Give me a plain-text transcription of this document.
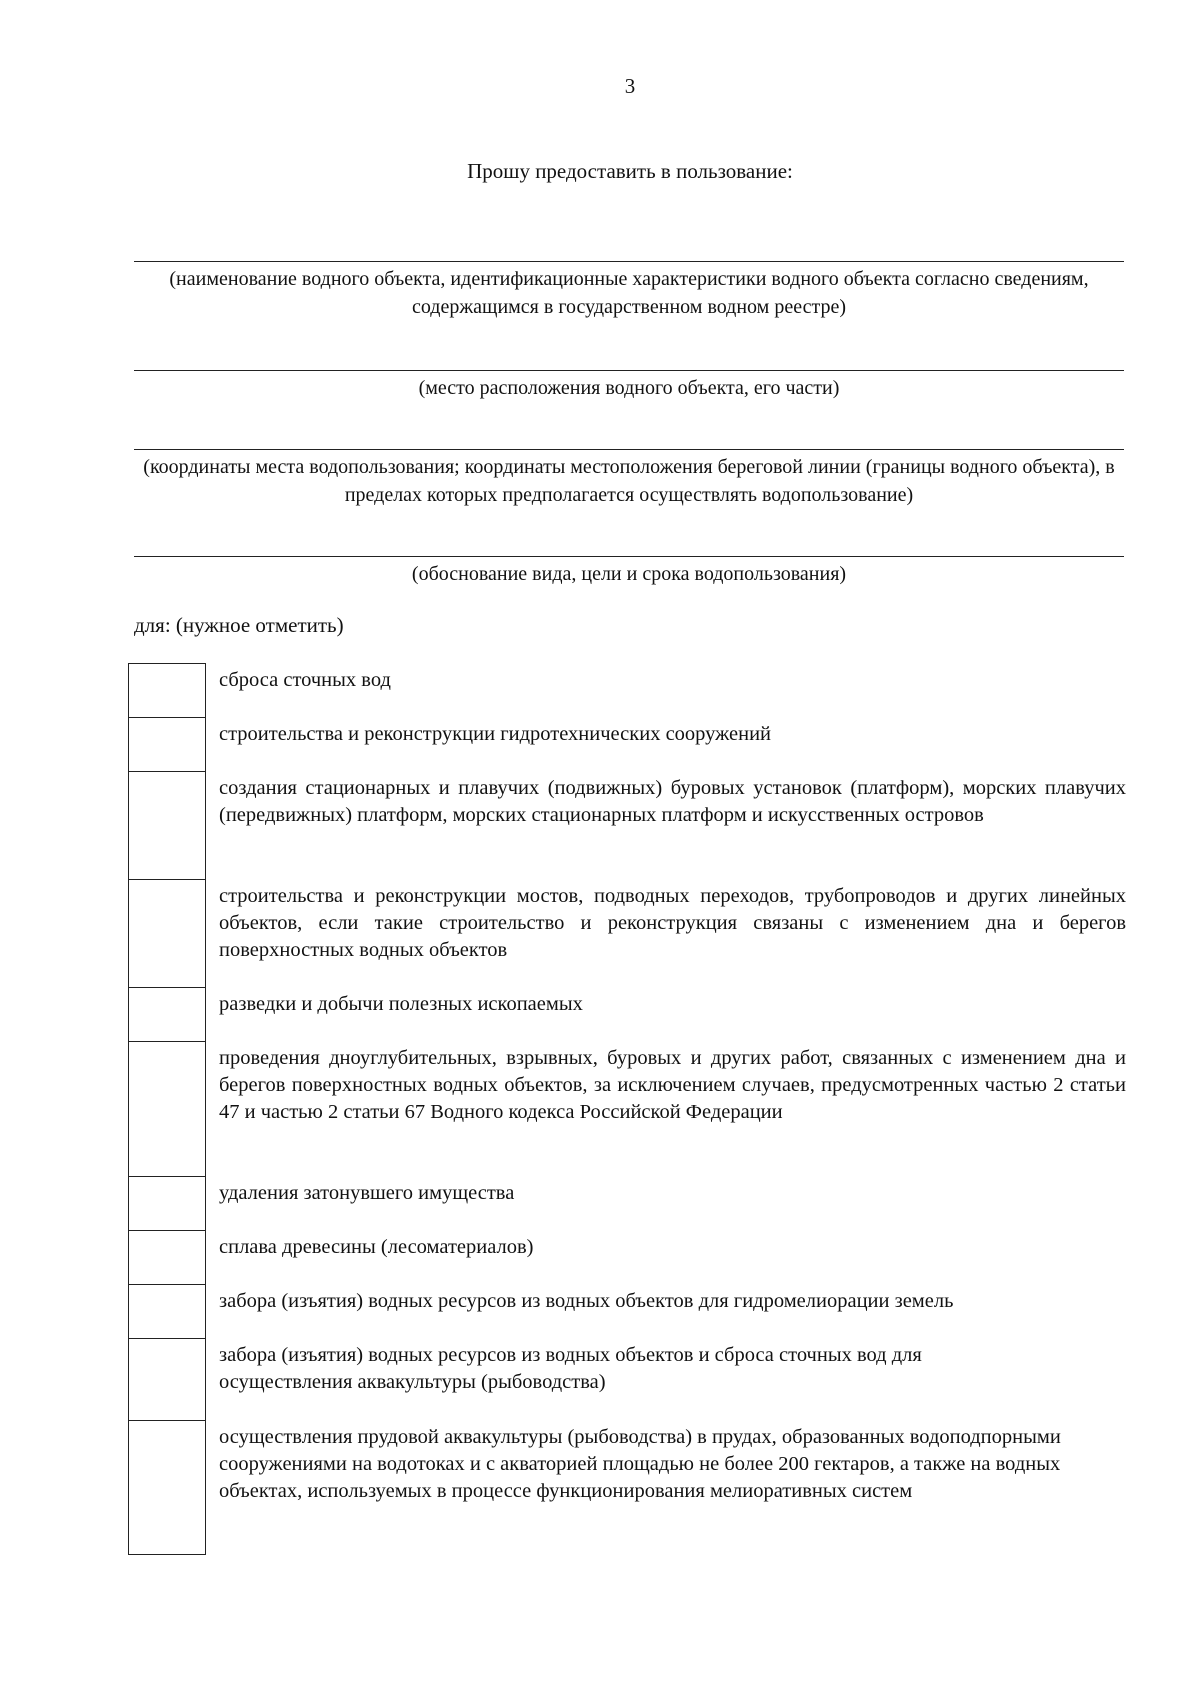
3
Прошу предоставить в пользование:
(наименование водного объекта, идентификационные характеристики водного объекта согласно сведениям, содержащимся в государственном водном реестре)
(место расположения водного объекта, его части)
(координаты места водопользования; координаты местоположения береговой линии (границы водного объекта), в пределах которых предполагается осуществлять водопользование)
(обоснование вида, цели и срока водопользования)
для: (нужное отметить)
сброса сточных вод
строительства и реконструкции гидротехнических сооружений
создания стационарных и плавучих (подвижных) буровых установок (платформ), морских плавучих (передвижных) платформ, морских стационарных платформ и искусственных островов
строительства и реконструкции мостов, подводных переходов, трубопроводов и других линейных объектов, если такие строительство и реконструкция связаны с изменением дна и берегов поверхностных водных объектов
разведки и добычи полезных ископаемых
проведения дноуглубительных, взрывных, буровых и других работ, связанных с изменением дна и берегов поверхностных водных объектов, за исключением случаев, предусмотренных частью 2 статьи 47 и частью 2 статьи 67 Водного кодекса Российской Федерации
удаления затонувшего имущества
сплава древесины (лесоматериалов)
забора (изъятия) водных ресурсов из водных объектов для гидромелиорации земель
забора (изъятия) водных ресурсов из водных объектов и сброса сточных вод для осуществления аквакультуры (рыбоводства)
осуществления прудовой аквакультуры (рыбоводства) в прудах, образованных водоподпорными сооружениями на водотоках и с акваторией площадью не более 200 гектаров, а также на водных объектах, используемых в процессе функционирования мелиоративных систем
